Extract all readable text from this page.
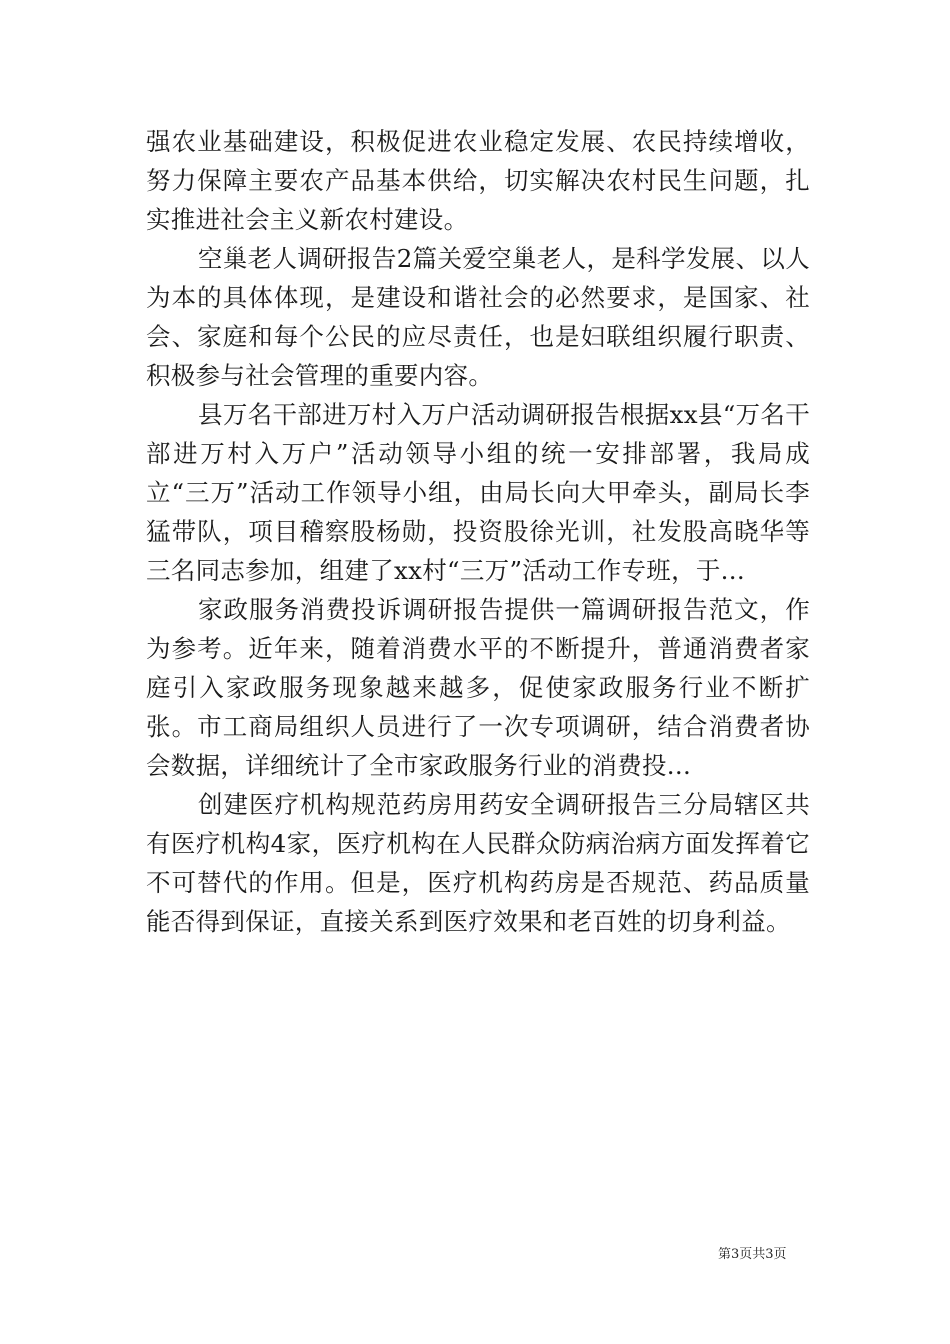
强农业基础建设，积极促进农业稳定发展、农民持续增收，努力保障主要农产品基本供给，切实解决农村民生问题，扎实推进社会主义新农村建设。

空巢老人调研报告2篇关爱空巢老人，是科学发展、以人为本的具体体现，是建设和谐社会的必然要求，是国家、社会、家庭和每个公民的应尽责任，也是妇联组织履行职责、积极参与社会管理的重要内容。

县万名干部进万村入万户活动调研报告根据xx县“万名干部进万村入万户”活动领导小组的统一安排部署，我局成立“三万”活动工作领导小组，由局长向大甲牵头，副局长李猛带队，项目稽察股杨勋，投资股徐光训，社发股高晓华等三名同志参加，组建了xx村“三万”活动工作专班，于...

家政服务消费投诉调研报告提供一篇调研报告范文，作为参考。近年来，随着消费水平的不断提升，普通消费者家庭引入家政服务现象越来越多，促使家政服务行业不断扩张。市工商局组织人员进行了一次专项调研，结合消费者协会数据，详细统计了全市家政服务行业的消费投...

创建医疗机构规范药房用药安全调研报告三分局辖区共有医疗机构4家，医疗机构在人民群众防病治病方面发挥着它不可替代的作用。但是，医疗机构药房是否规范、药品质量能否得到保证，直接关系到医疗效果和老百姓的切身利益。

第3页共3页
